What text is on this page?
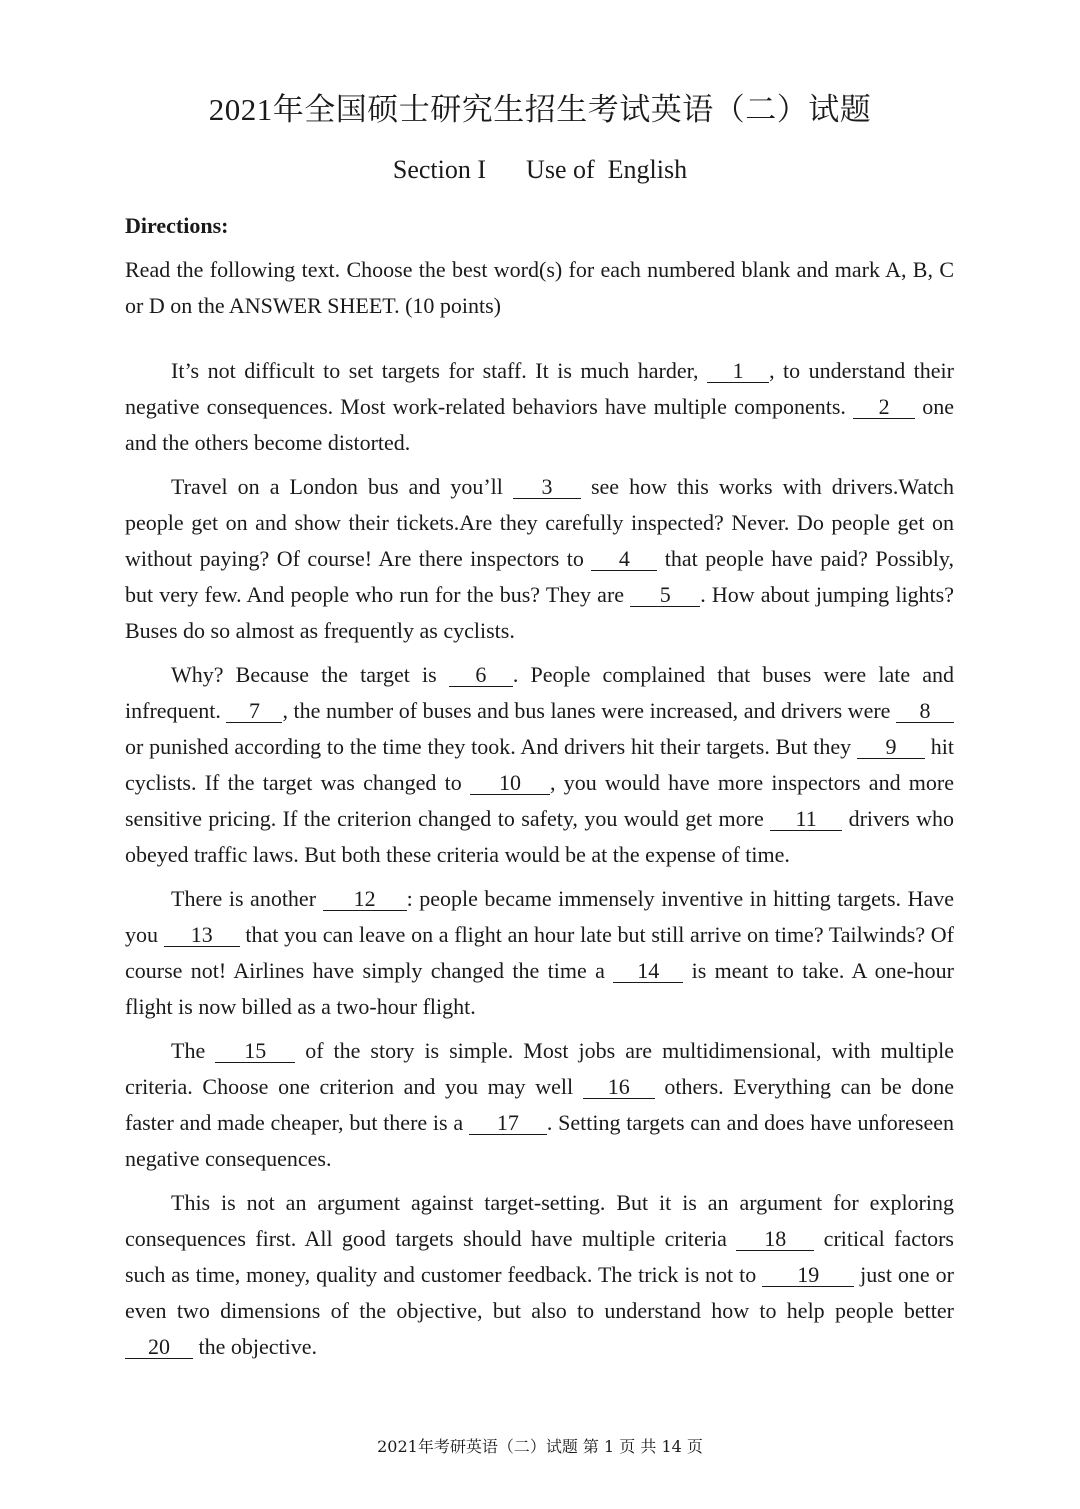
2021年全国硕士研究生招生考试英语（二）试题
Section I Use of  English

Directions:

Read the following text. Choose the best word(s) for each numbered blank and mark A, B, C or D on the ANSWER SHEET. (10 points)

It’s not difficult to set targets for staff. It is much harder, 1 , to understand their negative consequences. Most work-related behaviors have multiple components. 2 one and the others become distorted.

Travel on a London bus and you’ll 3 see how this works with drivers.Watch people get on and show their tickets.Are they carefully inspected? Never. Do people get on without paying? Of course! Are there inspectors to 4 that people have paid? Possibly, but very few. And people who run for the bus? They are 5 . How about jumping lights? Buses do so almost as frequently as cyclists.

Why? Because the target is 6 . People complained that buses were late and infrequent. 7 , the number of buses and bus lanes were increased, and drivers were 8 or punished according to the time they took. And drivers hit their targets. But they 9 hit cyclists. If the target was changed to 10 , you would have more inspectors and more sensitive pricing. If the criterion changed to safety, you would get more 11 drivers who obeyed traffic laws. But both these criteria would be at the expense of time.

There is another 12 : people became immensely inventive in hitting targets. Have you 13 that you can leave on a flight an hour late but still arrive on time? Tailwinds? Of course not! Airlines have simply changed the time a 14 is meant to take. A one-hour flight is now billed as a two-hour flight.

The 15 of the story is simple. Most jobs are multidimensional, with multiple criteria. Choose one criterion and you may well 16 others. Everything can be done faster and made cheaper, but there is a 17 . Setting targets can and does have unforeseen negative consequences.

This is not an argument against target-setting. But it is an argument for exploring consequences first. All good targets should have multiple criteria 18 critical factors such as time, money, quality and customer feedback. The trick is not to 19 just one or even two dimensions of the objective, but also to understand how to help people better 20 the objective.

2021年考研英语（二）试题 第 1 页 共 14 页
